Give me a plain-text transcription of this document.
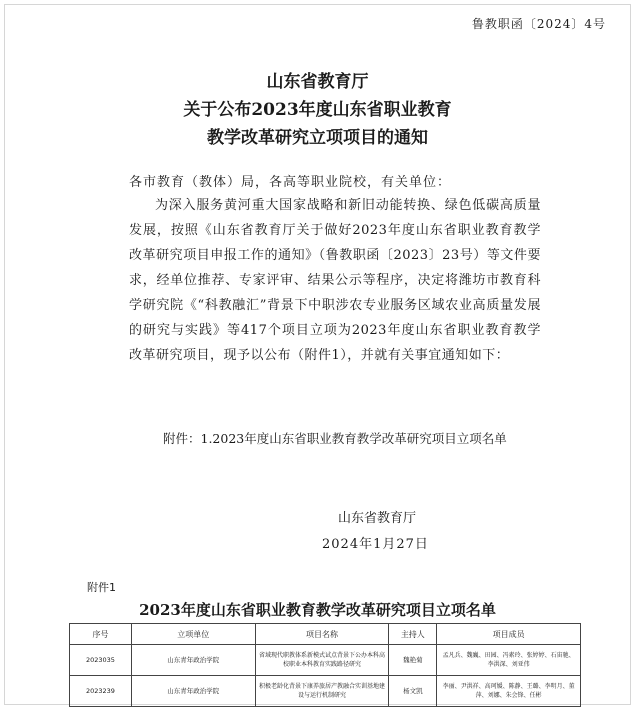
鲁教职函〔2024〕4号
山东省教育厅
关于公布2023年度山东省职业教育
教学改革研究立项项目的通知
各市教育（教体）局，各高等职业院校，有关单位：

为深入服务黄河重大国家战略和新旧动能转换、绿色低碳高质量发展，按照《山东省教育厅关于做好2023年度山东省职业教育教学改革研究项目申报工作的通知》（鲁教职函〔2023〕23号）等文件要求，经单位推荐、专家评审、结果公示等程序，决定将潍坊市教育科学研究院《“科教融汇”背景下中职涉农专业服务区域农业高质量发展的研究与实践》等417个项目立项为2023年度山东省职业教育教学改革研究项目，现予以公布（附件1），并就有关事宜通知如下：

附件：1.2023年度山东省职业教育教学改革研究项目立项名单
山东省教育厅
2024年1月27日
附件1
2023年度山东省职业教育教学改革研究项目立项名单
序号	立项单位	项目名称	主持人	项目成员
2023035	山东青年政治学院	省域现代职教体系新模式试点背景下公办本科高校职业本科教育实践路径研究	魏艳菊	孟凡兵、魏巍、田园、冯素玲、张婷婷、石宙驰、李洪深、刘亚伟
2023239	山东青年政治学院	积极老龄化背景下康养旅居产教融合实训基地建设与运行机制研究	杨文凯	李丽、尹洪祥、高珂媛、陈静、王璐、李明月、董萍、刘娜、朱会锋、任彬
